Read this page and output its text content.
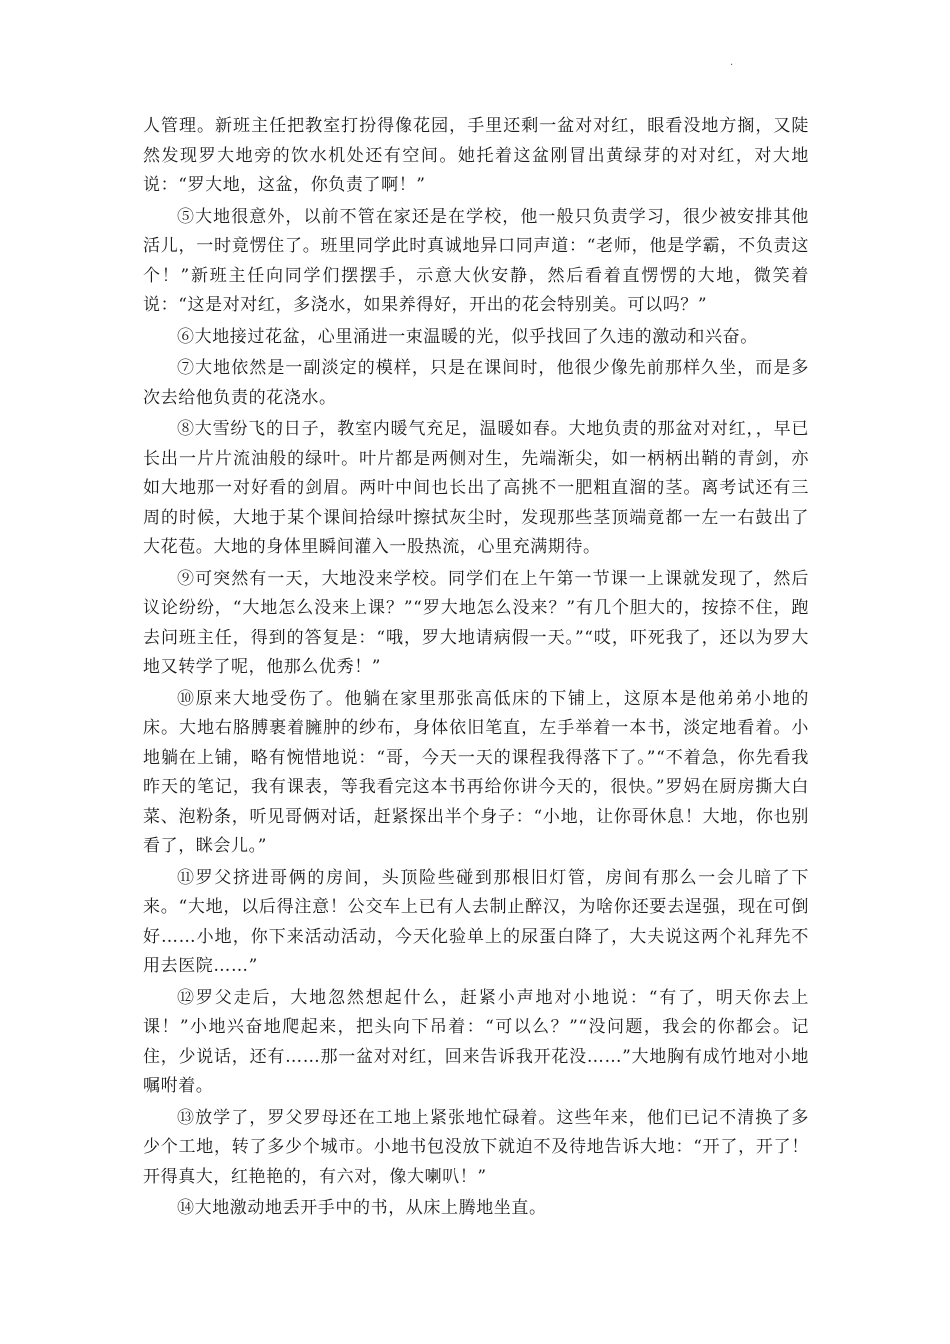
·

人管理。新班主任把教室打扮得像花园，手里还剩一盆对对红，眼看没地方搁，又陡然发现罗大地旁的饮水机处还有空间。她托着这盆刚冒出黄绿芽的对对红，对大地说：“罗大地，这盆，你负责了啊！”

⑤大地很意外，以前不管在家还是在学校，他一般只负责学习，很少被安排其他活儿，一时竟愣住了。班里同学此时真诚地异口同声道：“老师，他是学霸，不负责这个！”新班主任向同学们摆摆手，示意大伙安静，然后看着直愣愣的大地，微笑着说：“这是对对红，多浇水，如果养得好，开出的花会特别美。可以吗？”

⑥大地接过花盆，心里涌进一束温暖的光，似乎找回了久违的激动和兴奋。

⑦大地依然是一副淡定的模样，只是在课间时，他很少像先前那样久坐，而是多次去给他负责的花浇水。

⑧大雪纷飞的日子，教室内暖气充足，温暖如春。大地负责的那盆对对红，，早已长出一片片流油般的绿叶。叶片都是两侧对生，先端渐尖，如一柄柄出鞘的青剑，亦如大地那一对好看的剑眉。两叶中间也长出了高挑不一肥粗直溜的茎。离考试还有三周的时候，大地于某个课间拾绿叶擦拭灰尘时，发现那些茎顶端竟都一左一右鼓出了大花苞。大地的身体里瞬间灌入一股热流，心里充满期待。

⑨可突然有一天，大地没来学校。同学们在上午第一节课一上课就发现了，然后议论纷纷，“大地怎么没来上课？”“罗大地怎么没来？”有几个胆大的，按捺不住，跑去问班主任，得到的答复是：“哦，罗大地请病假一天。”“哎，吓死我了，还以为罗大地又转学了呢，他那么优秀！”

⑩原来大地受伤了。他躺在家里那张高低床的下铺上，这原本是他弟弟小地的床。大地右胳膊裹着臃肿的纱布，身体依旧笔直，左手举着一本书，淡定地看着。小地躺在上铺，略有惋惜地说：“哥，今天一天的课程我得落下了。”“不着急，你先看我昨天的笔记，我有课表，等我看完这本书再给你讲今天的，很快。”罗妈在厨房撕大白菜、泡粉条，听见哥俩对话，赶紧探出半个身子：“小地，让你哥休息！大地，你也别看了，眯会儿。”

⑪罗父挤进哥俩的房间，头顶险些碰到那根旧灯管，房间有那么一会儿暗了下来。“大地，以后得注意！公交车上已有人去制止醉汉，为啥你还要去逞强，现在可倒好……小地，你下来活动活动，今天化验单上的尿蛋白降了，大夫说这两个礼拜先不用去医院……”

⑫罗父走后，大地忽然想起什么，赶紧小声地对小地说：“有了，明天你去上课！”小地兴奋地爬起来，把头向下吊着：“可以么？”“没问题，我会的你都会。记住，少说话，还有……那一盆对对红，回来告诉我开花没……”大地胸有成竹地对小地嘱咐着。

⑬放学了，罗父罗母还在工地上紧张地忙碌着。这些年来，他们已记不清换了多少个工地，转了多少个城市。小地书包没放下就迫不及待地告诉大地：“开了，开了！开得真大，红艳艳的，有六对，像大喇叭！”

⑭大地激动地丢开手中的书，从床上腾地坐直。
